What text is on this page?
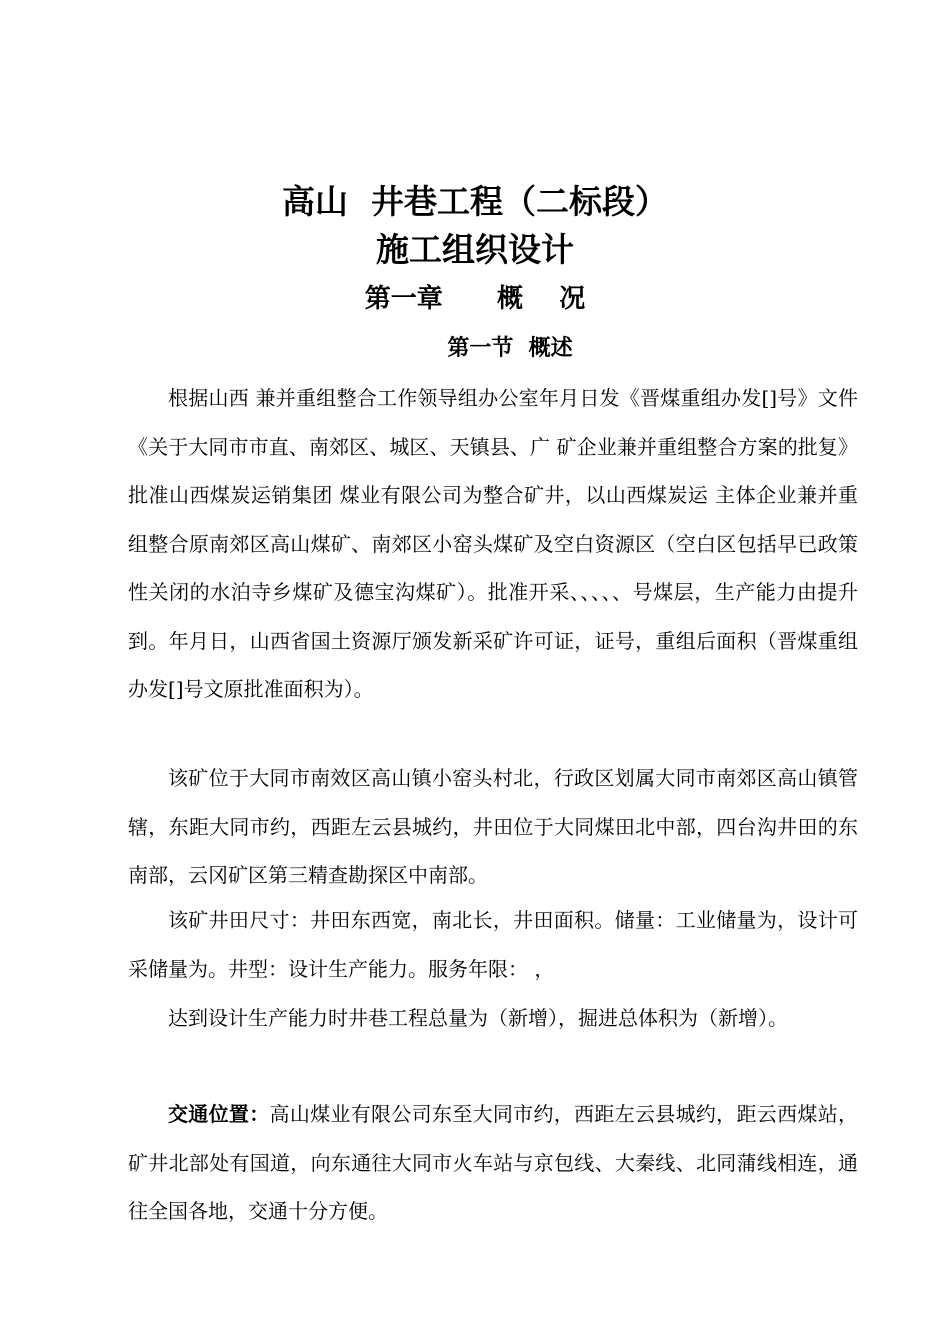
高山  井巷工程（二标段）
施工组织设计
第一章      概    况
第一节  概述

根据山西 兼并重组整合工作领导组办公室年月日发《晋煤重组办发[]号》文件《关于大同市市直、南郊区、城区、天镇县、广 矿企业兼并重组整合方案的批复》批准山西煤炭运销集团 煤业有限公司为整合矿井，以山西煤炭运 主体企业兼并重组整合原南郊区高山煤矿、南郊区小窑头煤矿及空白资源区（空白区包括早已政策性关闭的水泊寺乡煤矿及德宝沟煤矿）。批准开采、、、、、号煤层，生产能力由提升到。年月日，山西省国土资源厅颁发新采矿许可证，证号，重组后面积（晋煤重组办发[]号文原批准面积为）。

该矿位于大同市南效区高山镇小窑头村北，行政区划属大同市南郊区高山镇管辖，东距大同市约，西距左云县城约，井田位于大同煤田北中部，四台沟井田的东南部，云冈矿区第三精查勘探区中南部。

该矿井田尺寸：井田东西宽，南北长，井田面积。储量：工业储量为，设计可采储量为。井型：设计生产能力。服务年限： ，

达到设计生产能力时井巷工程总量为（新增），掘进总体积为（新增）。

交通位置：高山煤业有限公司东至大同市约，西距左云县城约，距云西煤站，矿井北部处有国道，向东通往大同市火车站与京包线、大秦线、北同蒲线相连，通往全国各地，交通十分方便。
